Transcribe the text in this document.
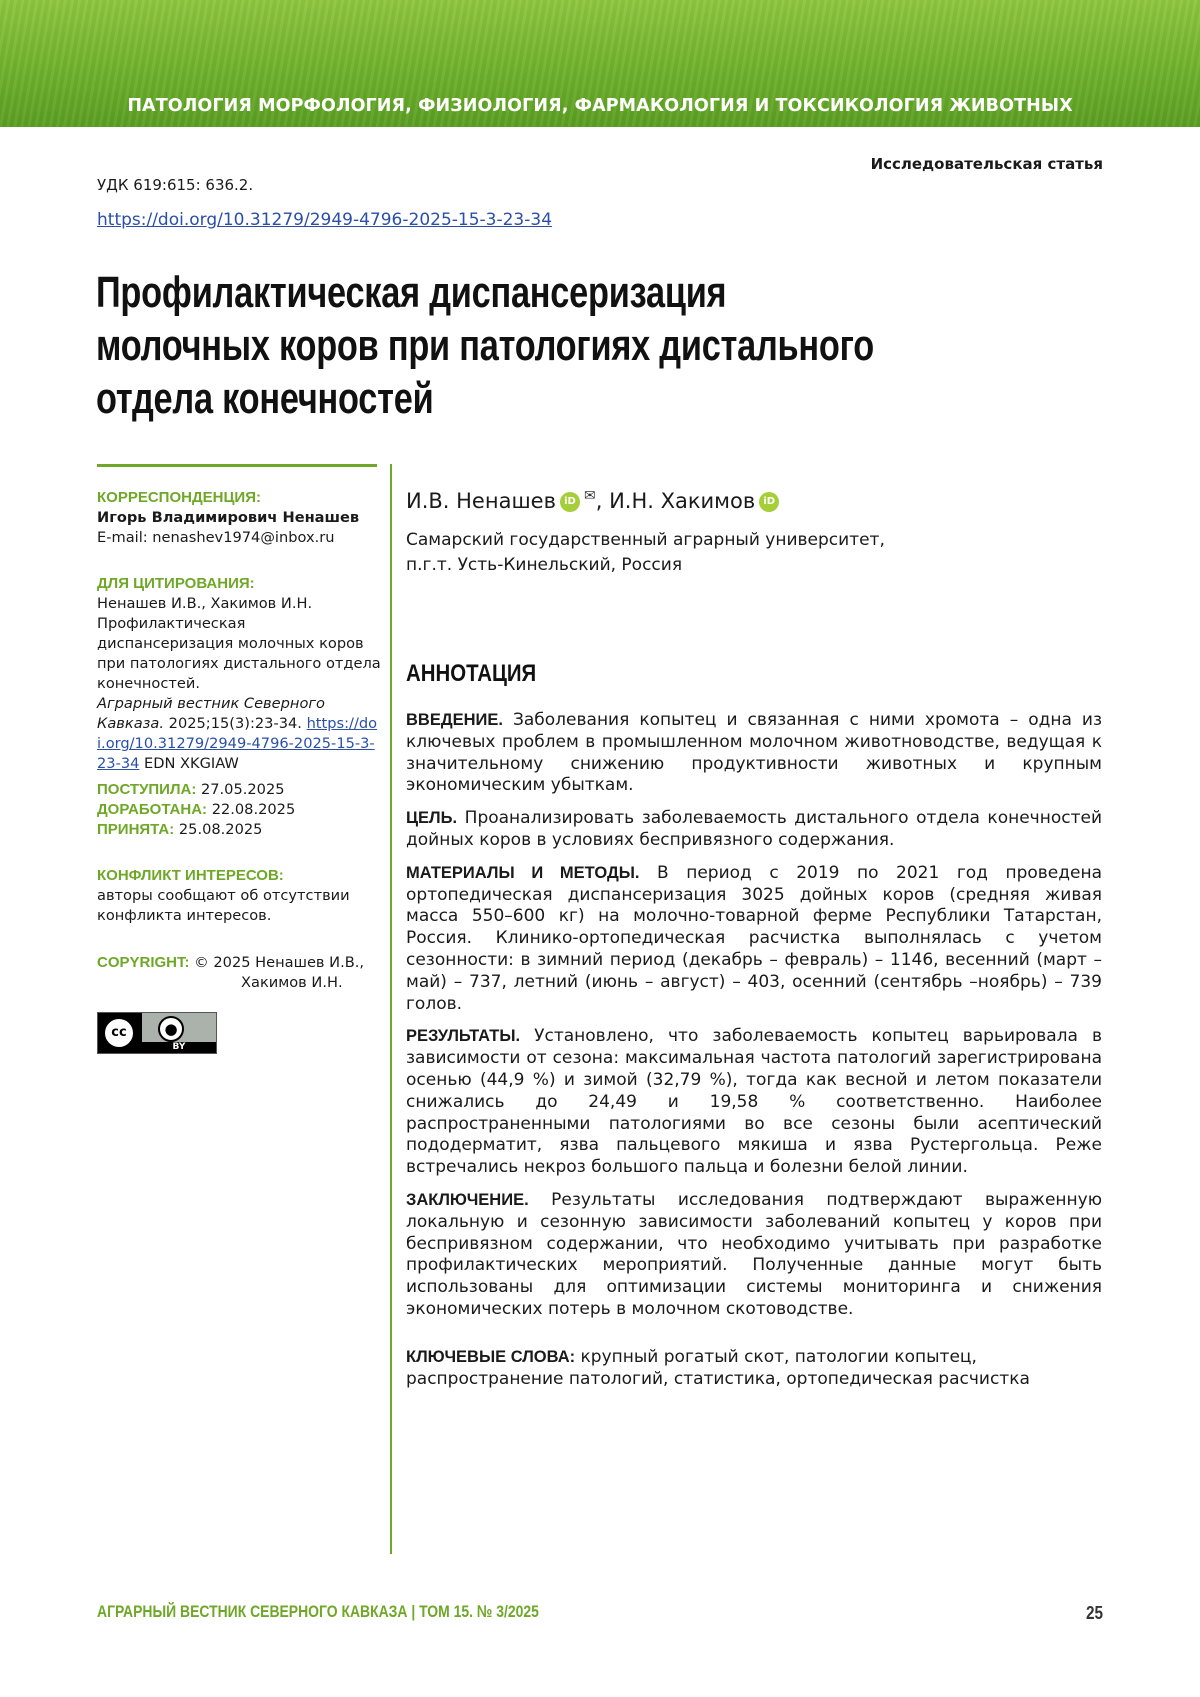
ПАТОЛОГИЯ МОРФОЛОГИЯ, ФИЗИОЛОГИЯ, ФАРМАКОЛОГИЯ И ТОКСИКОЛОГИЯ ЖИВОТНЫХ
Исследовательская статья
УДК 619:615: 636.2.
https://doi.org/10.31279/2949-4796-2025-15-3-23-34
Профилактическая диспансеризация
молочных коров при патологиях дистального
отдела конечностей
КОРРЕСПОНДЕНЦИЯ:
Игорь Владимирович Ненашев
E-mail: nenashev1974@inbox.ru
ДЛЯ ЦИТИРОВАНИЯ:
Ненашев И.В., Хакимов И.Н.
Профилактическая диспансеризация молочных коров при патологиях дистального отдела конечностей.
Аграрный вестник Северного Кавказа. 2025;15(3):23-34. https://doi.org/10.31279/2949-4796-2025-15-3-23-34 EDN XKGIAW
ПОСТУПИЛА: 27.05.2025
ДОРАБОТАНА: 22.08.2025
ПРИНЯТА: 25.08.2025
КОНФЛИКТ ИНТЕРЕСОВ:
авторы сообщают об отсутствии конфликта интересов.
COPYRIGHT: © 2025 Ненашев И.В.,
Хакимов И.Н.
cc	●
BY
И.В. Ненашев iD ✉, И.Н. Хакимов iD
Самарский государственный аграрный университет,
п.г.т. Усть-Кинельский, Россия
АННОТАЦИЯ

ВВЕДЕНИЕ. Заболевания копытец и связанная с ними хромота – одна из ключевых проблем в промышленном молочном животноводстве, ведущая к значительному снижению продуктивности животных и крупным экономическим убыткам.

ЦЕЛЬ. Проанализировать заболеваемость дистального отдела конечностей дойных коров в условиях беспривязного содержания.

МАТЕРИАЛЫ И МЕТОДЫ. В период с 2019 по 2021 год проведена ортопедическая диспансеризация 3025 дойных коров (средняя живая масса 550–600 кг) на молочно-товарной ферме Республики Татарстан, Россия. Клинико-ортопедическая расчистка выполнялась с учетом сезонности: в зимний период (декабрь – февраль) – 1146, весенний (март – май) – 737, летний (июнь – август) – 403, осенний (сентябрь –ноябрь) – 739 голов.

РЕЗУЛЬТАТЫ. Установлено, что заболеваемость копытец варьировала в зависимости от сезона: максимальная частота патологий зарегистрирована осенью (44,9 %) и зимой (32,79 %), тогда как весной и летом показатели снижались до 24,49 и 19,58 % соответственно. Наиболее распространенными патологиями во все сезоны были асептический пододерматит, язва пальцевого мякиша и язва Рустергольца. Реже встречались некроз большого пальца и болезни белой линии.

ЗАКЛЮЧЕНИЕ. Результаты исследования подтверждают выраженную локальную и сезонную зависимости заболеваний копытец у коров при беспривязном содержании, что необходимо учитывать при разработке профилактических мероприятий. Полученные данные могут быть использованы для оптимизации системы мониторинга и снижения экономических потерь в молочном скотоводстве.

КЛЮЧЕВЫЕ СЛОВА: крупный рогатый скот, патологии копытец, распространение патологий, статистика, ортопедическая расчистка
АГРАРНЫЙ ВЕСТНИК СЕВЕРНОГО КАВКАЗА | ТОМ 15. № 3/2025	25
